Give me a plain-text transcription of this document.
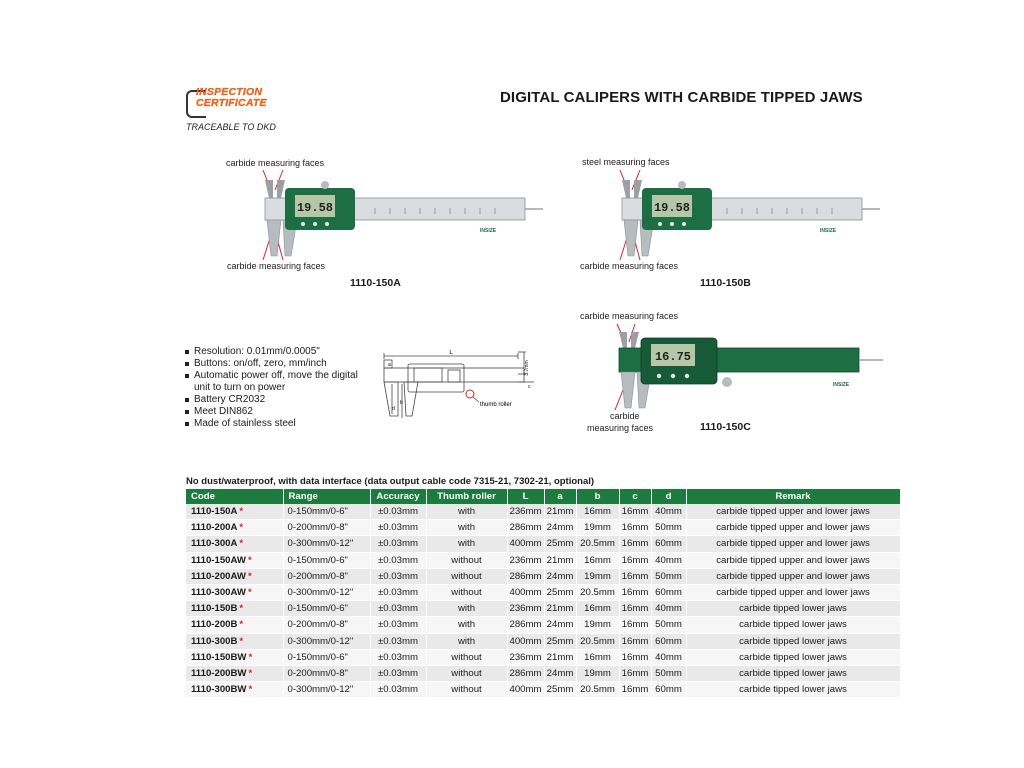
INSPECTION
CERTIFICATE
TRACEABLE TO DKD
DIGITAL CALIPERS WITH CARBIDE TIPPED JAWS
carbide measuring faces
19.58
INSIZE
carbide measuring faces
1110-150A
steel measuring faces
19.58
INSIZE
carbide measuring faces
1110-150B
carbide measuring faces
16.75
INSIZE
carbide
measuring faces	1110-150C
Resolution: 0.01mm/0.0005"
Buttons: on/off, zero, mm/inch
Automatic power off, move the digital unit to turn on power
Battery CR2032
Meet DIN862
Made of stainless steel
L
a
b
c
d
3.7mm
thumb roller
No dust/waterproof, with data interface (data output cable code 7315-21, 7302-21, optional)
Code	Range	Accuracy	Thumb roller	L	a	b	c	d	Remark
1110-150A *	0-150mm/0-6"	±0.03mm	with	236mm	21mm	16mm	16mm	40mm	carbide tipped upper and lower jaws
1110-200A *	0-200mm/0-8"	±0.03mm	with	286mm	24mm	19mm	16mm	50mm	carbide tipped upper and lower jaws
1110-300A *	0-300mm/0-12"	±0.03mm	with	400mm	25mm	20.5mm	16mm	60mm	carbide tipped upper and lower jaws
1110-150AW *	0-150mm/0-6"	±0.03mm	without	236mm	21mm	16mm	16mm	40mm	carbide tipped upper and lower jaws
1110-200AW *	0-200mm/0-8"	±0.03mm	without	286mm	24mm	19mm	16mm	50mm	carbide tipped upper and lower jaws
1110-300AW *	0-300mm/0-12"	±0.03mm	without	400mm	25mm	20.5mm	16mm	60mm	carbide tipped upper and lower jaws
1110-150B *	0-150mm/0-6"	±0.03mm	with	236mm	21mm	16mm	16mm	40mm	carbide tipped lower jaws
1110-200B *	0-200mm/0-8"	±0.03mm	with	286mm	24mm	19mm	16mm	50mm	carbide tipped lower jaws
1110-300B *	0-300mm/0-12"	±0.03mm	with	400mm	25mm	20.5mm	16mm	60mm	carbide tipped lower jaws
1110-150BW *	0-150mm/0-6"	±0.03mm	without	236mm	21mm	16mm	16mm	40mm	carbide tipped lower jaws
1110-200BW *	0-200mm/0-8"	±0.03mm	without	286mm	24mm	19mm	16mm	50mm	carbide tipped lower jaws
1110-300BW *	0-300mm/0-12"	±0.03mm	without	400mm	25mm	20.5mm	16mm	60mm	carbide tipped lower jaws
